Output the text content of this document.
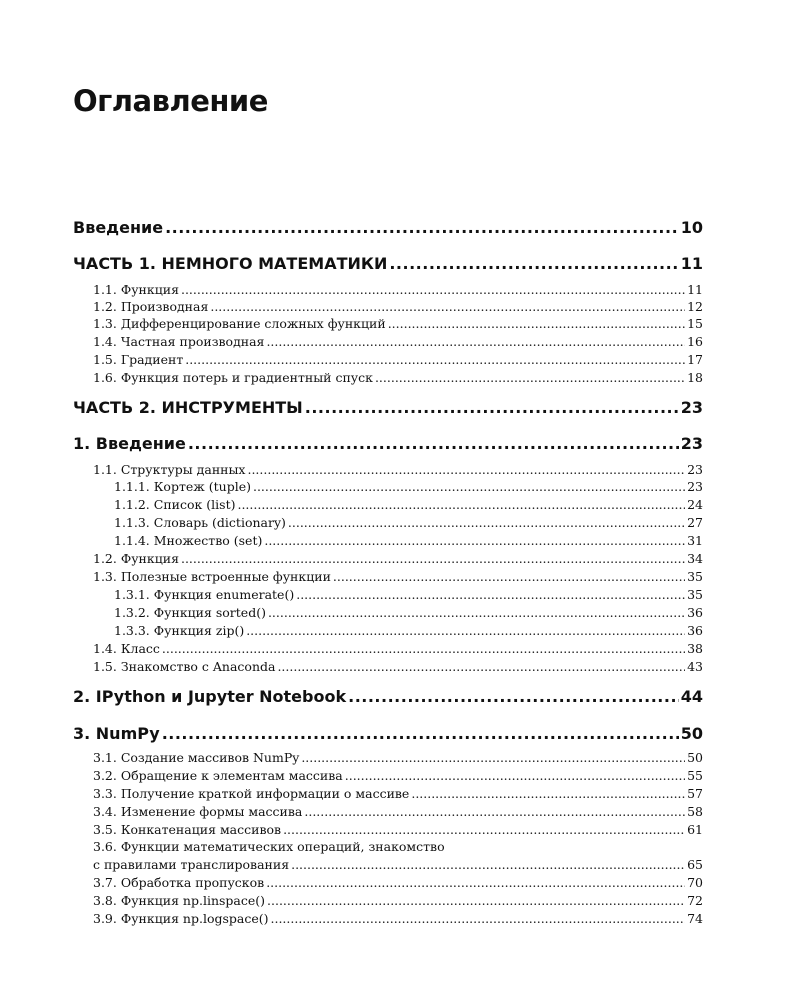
Оглавление
Введение .....	10
ЧАСТЬ 1. НЕМНОГО МАТЕМАТИКИ .....	11
1.1. Функция .....	11
1.2. Производная .....	12
1.3. Дифференцирование сложных функций .....	15
1.4. Частная производная .....	16
1.5. Градиент .....	17
1.6. Функция потерь и градиентный спуск .....	18
ЧАСТЬ 2. ИНСТРУМЕНТЫ .....	23
1. Введение .....	23
1.1. Структуры данных .....	23
1.1.1. Кортеж (tuple) .....	23
1.1.2. Список (list) .....	24
1.1.3. Словарь (dictionary) .....	27
1.1.4. Множество (set) .....	31
1.2. Функция .....	34
1.3. Полезные встроенные функции .....	35
1.3.1. Функция enumerate() .....	35
1.3.2. Функция sorted() .....	36
1.3.3. Функция zip() .....	36
1.4. Класс .....	38
1.5. Знакомство с Anaconda .....	43
2. IPython и Jupyter Notebook .....	44
3. NumPy .....	50
3.1. Создание массивов NumPy .....	50
3.2. Обращение к элементам массива .....	55
3.3. Получение краткой информации о массиве .....	57
3.4. Изменение формы массива .....	58
3.5. Конкатенация массивов .....	61
3.6. Функции математических операций, знакомство
с правилами транслирования .....	65
3.7. Обработка пропусков .....	70
3.8. Функция np.linspace() .....	72
3.9. Функция np.logspace() .....	74
